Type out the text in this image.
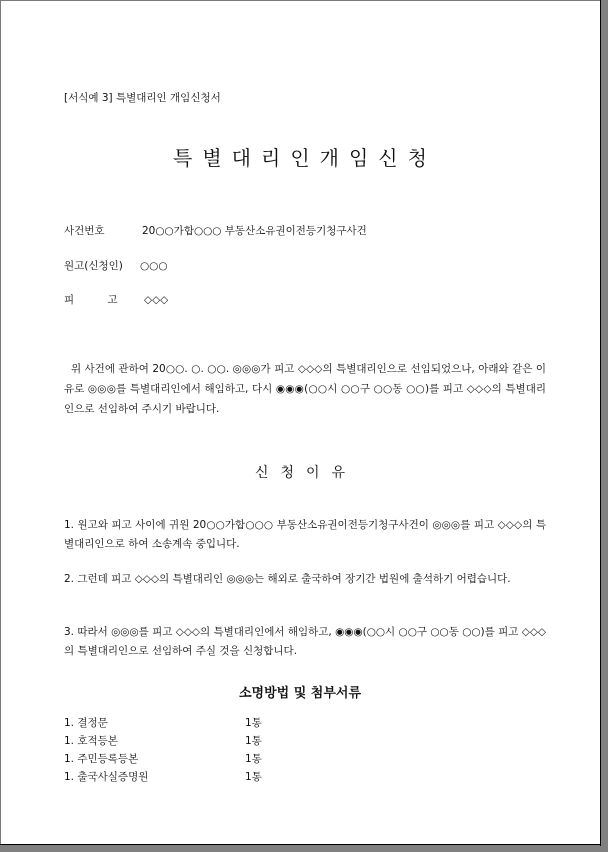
[서식예 3] 특별대리인 개임신청서
특별대리인개임신청
사건번호	20○○가합○○○ 부동산소유권이전등기청구사건
원고(신청인) ○○○
피          고	◇◇◇
위 사건에 관하여 20○○. ○. ○○. ◎◎◎가 피고 ◇◇◇의 특별대리인으로 선임되었으나, 아래와 같은 이유로 ◎◎◎를 특별대리인에서 해임하고, 다시 ◉◉◉(○○시 ○○구 ○○동 ○○)를 피고 ◇◇◇의 특별대리인으로 선임하여 주시기 바랍니다.
신청이유
1. 원고와 피고 사이에 귀원 20○○가합○○○ 부동산소유권이전등기청구사건이 ◎◎◎를 피고 ◇◇◇의 특별대리인으로 하여 소송계속 중입니다.
2. 그런데 피고 ◇◇◇의 특별대리인 ◎◎◎는 해외로 출국하여 장기간 법원에 출석하기 어렵습니다.
3. 따라서 ◎◎◎를 피고 ◇◇◇의 특별대리인에서 해임하고, ◉◉◉(○○시 ○○구 ○○동 ○○)를 피고 ◇◇◇의 특별대리인으로 선임하여 주실 것을 신청합니다.
소명방법 및 첨부서류
1. 결정문	1통
1. 호적등본	1통
1. 주민등록등본	1통
1. 출국사실증명원	1통
